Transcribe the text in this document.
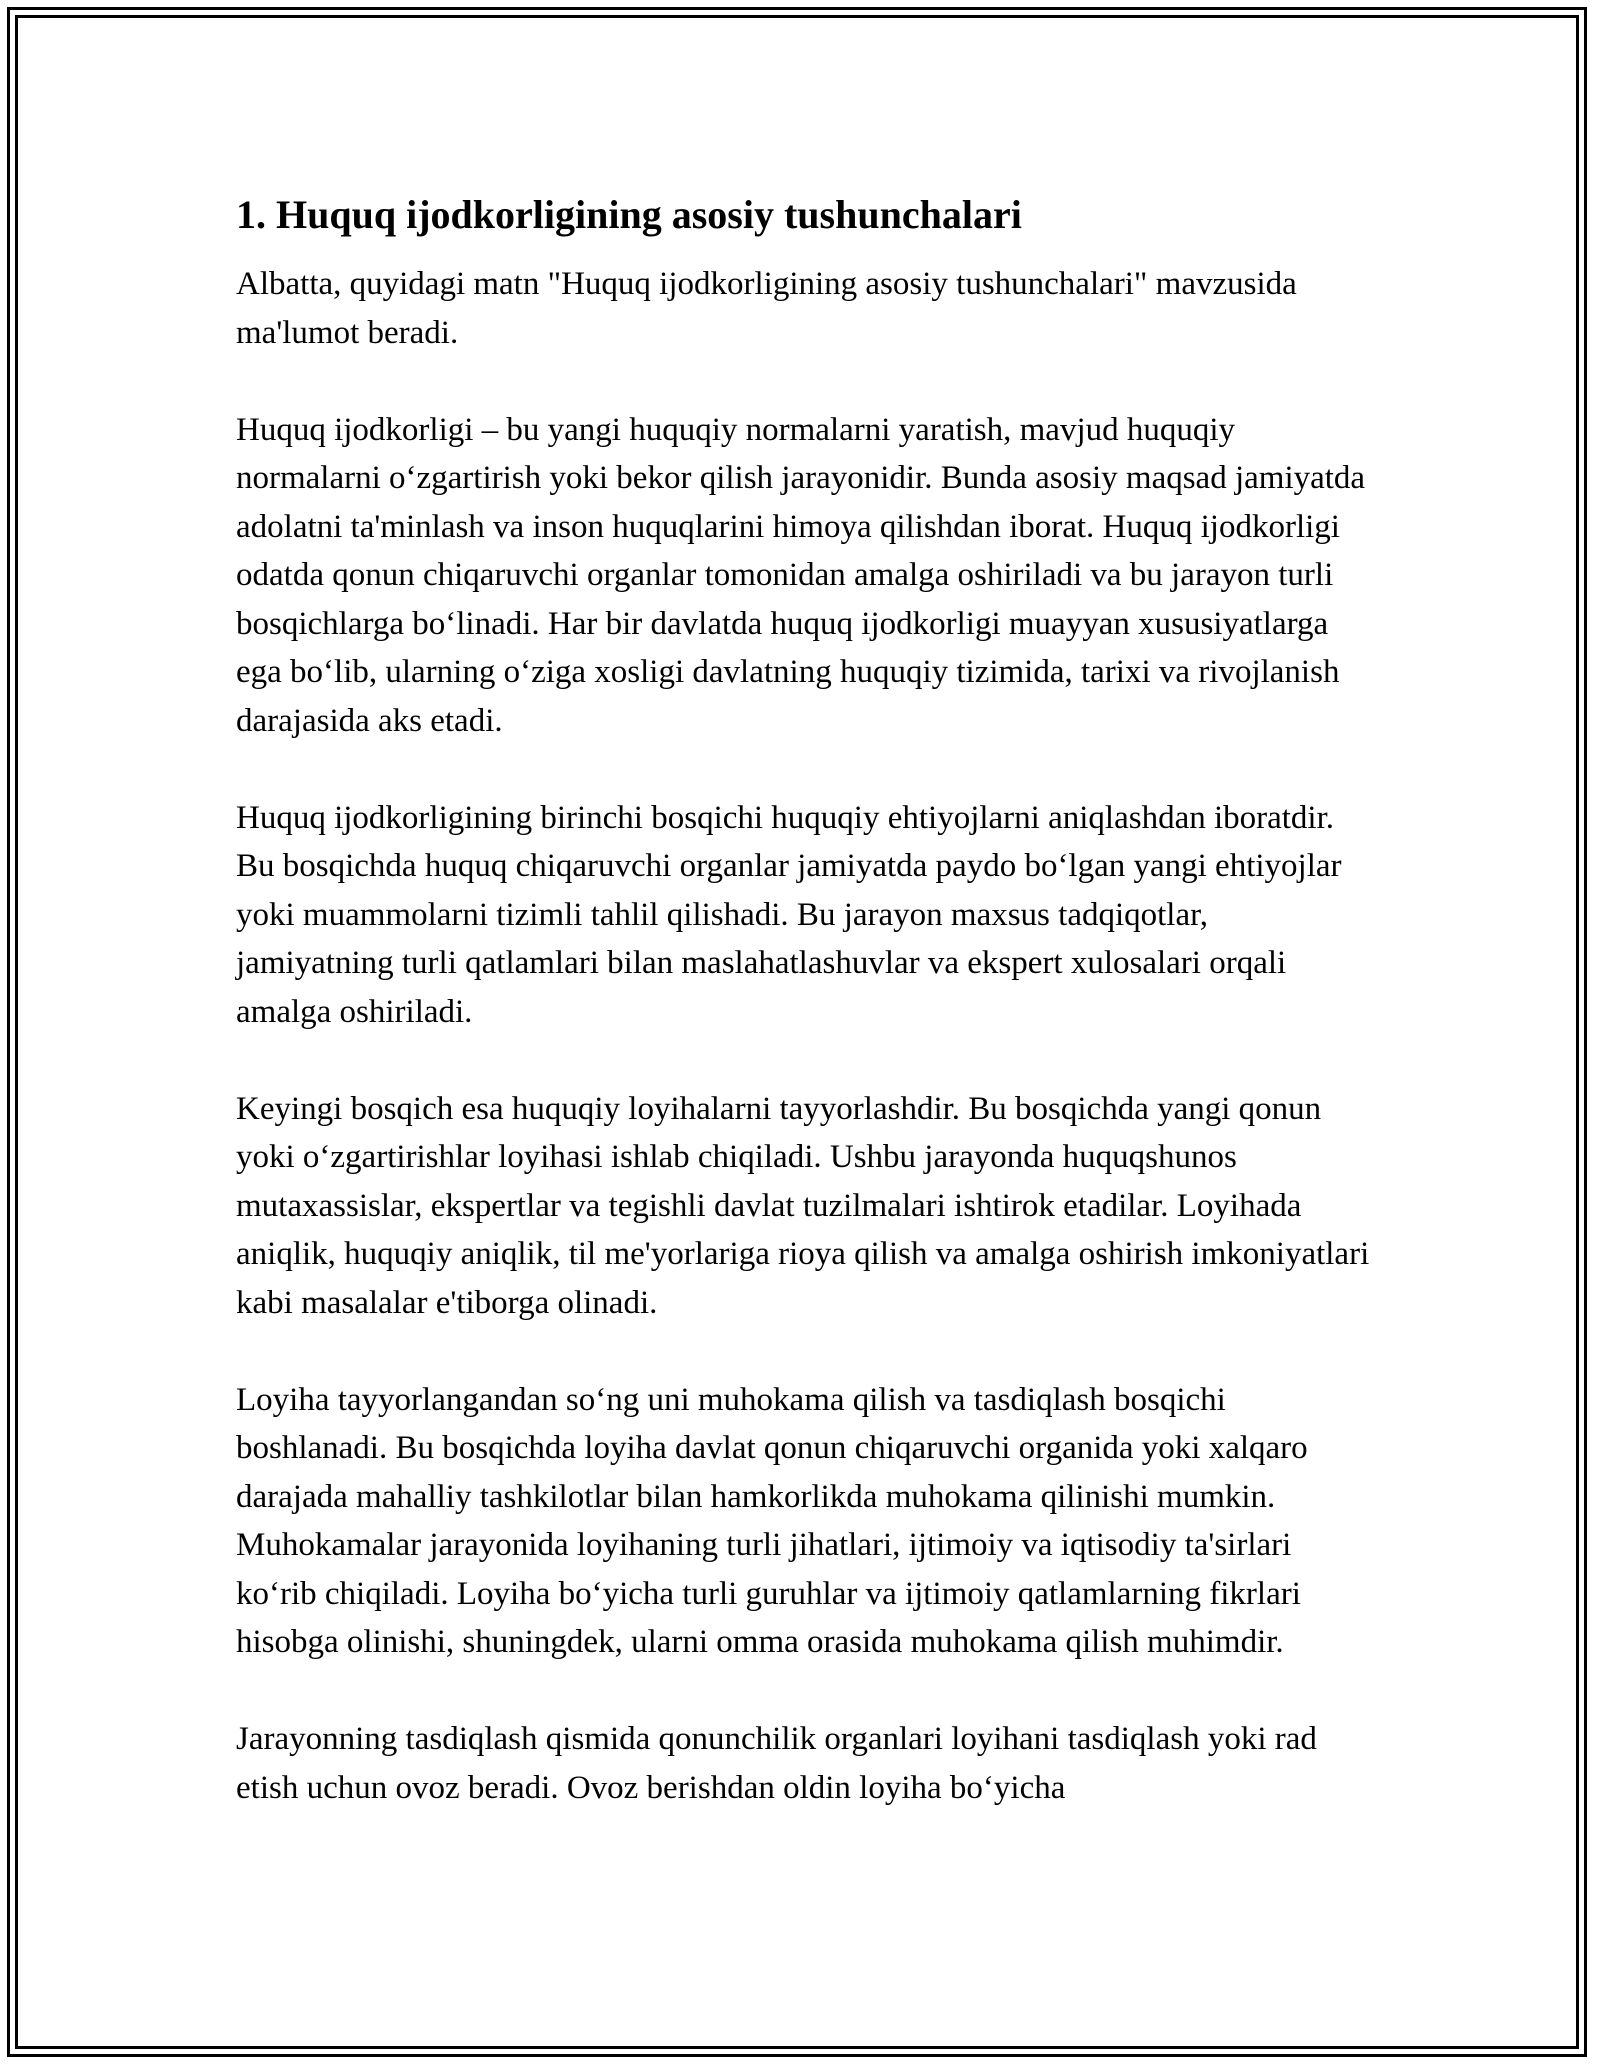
1. Huquq ijodkorligining asosiy tushunchalari

Albatta, quyidagi matn "Huquq ijodkorligining asosiy tushunchalari" mavzusida ma'lumot beradi.

Huquq ijodkorligi – bu yangi huquqiy normalarni yaratish, mavjud huquqiy normalarni o‘zgartirish yoki bekor qilish jarayonidir. Bunda asosiy maqsad jamiyatda adolatni ta'minlash va inson huquqlarini himoya qilishdan iborat. Huquq ijodkorligi odatda qonun chiqaruvchi organlar tomonidan amalga oshiriladi va bu jarayon turli bosqichlarga bo‘linadi. Har bir davlatda huquq ijodkorligi muayyan xususiyatlarga ega bo‘lib, ularning o‘ziga xosligi davlatning huquqiy tizimida, tarixi va rivojlanish darajasida aks etadi.

Huquq ijodkorligining birinchi bosqichi huquqiy ehtiyojlarni aniqlashdan iboratdir. Bu bosqichda huquq chiqaruvchi organlar jamiyatda paydo bo‘lgan yangi ehtiyojlar yoki muammolarni tizimli tahlil qilishadi. Bu jarayon maxsus tadqiqotlar, jamiyatning turli qatlamlari bilan maslahatlashuvlar va ekspert xulosalari orqali amalga oshiriladi.

Keyingi bosqich esa huquqiy loyihalarni tayyorlashdir. Bu bosqichda yangi qonun yoki o‘zgartirishlar loyihasi ishlab chiqiladi. Ushbu jarayonda huquqshunos mutaxassislar, ekspertlar va tegishli davlat tuzilmalari ishtirok etadilar. Loyihada aniqlik, huquqiy aniqlik, til me'yorlariga rioya qilish va amalga oshirish imkoniyatlari kabi masalalar e'tiborga olinadi.

Loyiha tayyorlangandan so‘ng uni muhokama qilish va tasdiqlash bosqichi boshlanadi. Bu bosqichda loyiha davlat qonun chiqaruvchi organida yoki xalqaro darajada mahalliy tashkilotlar bilan hamkorlikda muhokama qilinishi mumkin. Muhokamalar jarayonida loyihaning turli jihatlari, ijtimoiy va iqtisodiy ta'sirlari ko‘rib chiqiladi. Loyiha bo‘yicha turli guruhlar va ijtimoiy qatlamlarning fikrlari hisobga olinishi, shuningdek, ularni omma orasida muhokama qilish muhimdir.

Jarayonning tasdiqlash qismida qonunchilik organlari loyihani tasdiqlash yoki rad etish uchun ovoz beradi. Ovoz berishdan oldin loyiha bo‘yicha
